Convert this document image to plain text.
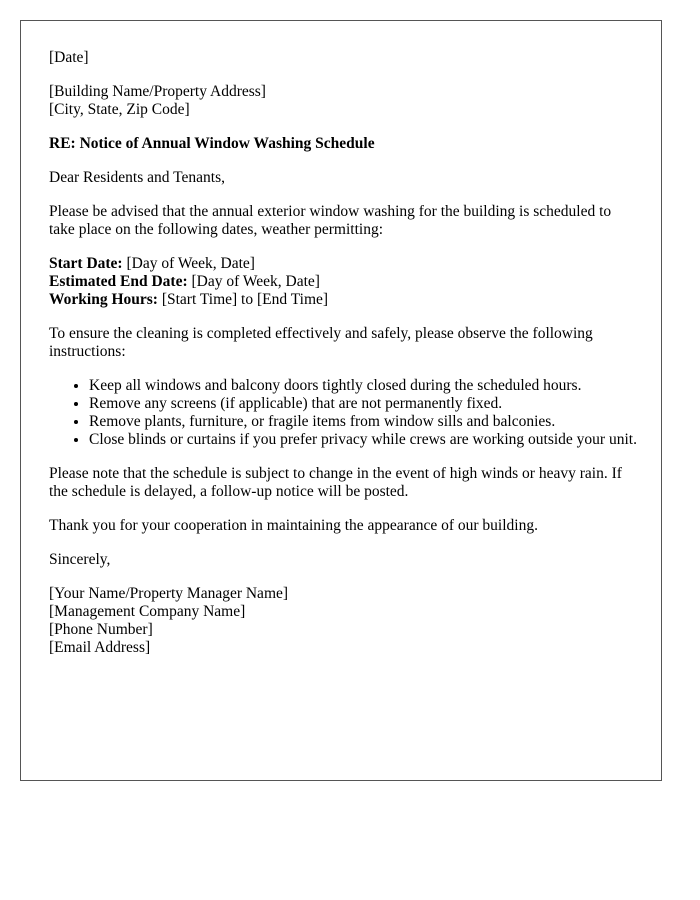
[Date]

[Building Name/Property Address]
[City, State, Zip Code]

RE: Notice of Annual Window Washing Schedule

Dear Residents and Tenants,

Please be advised that the annual exterior window washing for the building is scheduled to take place on the following dates, weather permitting:

Start Date: [Day of Week, Date]
Estimated End Date: [Day of Week, Date]
Working Hours: [Start Time] to [End Time]

To ensure the cleaning is completed effectively and safely, please observe the following instructions:

• Keep all windows and balcony doors tightly closed during the scheduled hours.
• Remove any screens (if applicable) that are not permanently fixed.
• Remove plants, furniture, or fragile items from window sills and balconies.
• Close blinds or curtains if you prefer privacy while crews are working outside your unit.

Please note that the schedule is subject to change in the event of high winds or heavy rain. If the schedule is delayed, a follow-up notice will be posted.

Thank you for your cooperation in maintaining the appearance of our building.

Sincerely,

[Your Name/Property Manager Name]
[Management Company Name]
[Phone Number]
[Email Address]
